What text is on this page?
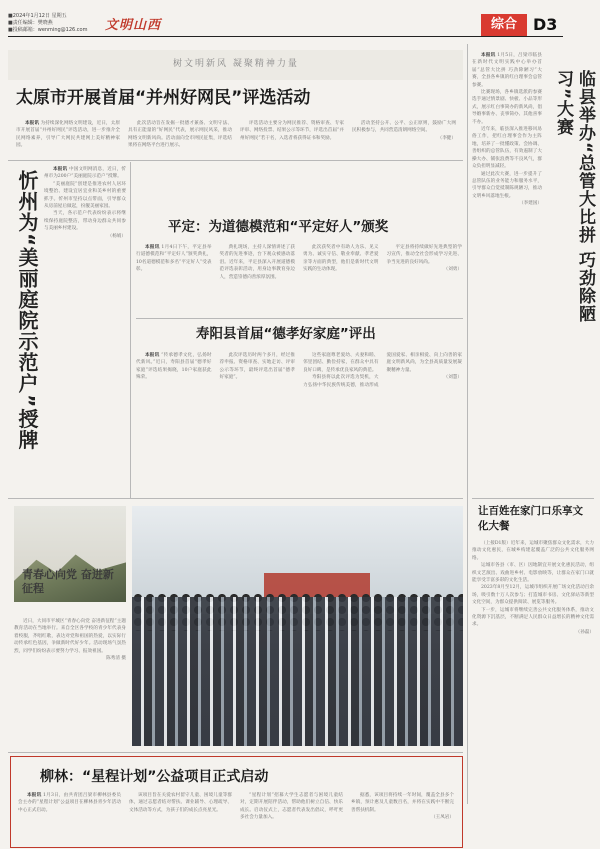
■2024年1月12日 星期五
■责任编辑：樊晓燕
■投稿邮箱：wenming@126.com 文明山西	综合	D3
树文明新风 凝聚精神力量
太原市开展首届“并州好网民”评选活动

本报讯 为持续深化网络文明建设，近日，太原市开展首届“并州好网民”评选活动，进一步推介全民网络素养，引导广大网民共建网上美好精神家园。

此次活动旨在发掘一批德才兼备、文明守法、具有正能量的“好网民”代表，展示网民风采，推动网络文明新风尚。活动面向全市网民征集，评选结果将在网络平台进行展示。

评选活动主要分为网民推荐、资格审查、专家评审、网络投票、结果公示等环节，评选出首届“并州好网民”若干名，入选者将获得证书和奖励。

活动坚持公开、公平、公正原则，鼓励广大网民积极参与，共同营造清朗网络空间。

（李健）

忻州为“美丽庭院示范户”授牌

本报讯 中国文明网消息，近日，忻州市为200户“美丽庭院示范户”授牌。

“美丽庭院”创建是推进农村人居环境整治、建设宜居宜业和美乡村的重要抓手。忻州市坚持以点带面，引导群众从房前屋后做起，扮靓美丽家园。

当天，各示范户代表纷纷表示将继续保持庭院整洁，带动身边群众共同参与美丽乡村建设。

（杨娟）

平定：为道德模范和“平定好人”颁奖

本报讯 1月4日下午，平定县举行道德模范和“平定好人”颁奖典礼，10名道德模范和多名“平定好人”受表彰。

典礼现场，主持人深情讲述了获奖者的先进事迹，台下观众被感动落泪。近年来，平定县深入开展道德模范评选表彰活动，用身边事教育身边人，营造崇德向善浓厚氛围。

此次获奖者中有助人为乐、见义勇为、诚实守信、敬业奉献、孝老爱亲等方面的典型，他们是新时代文明实践的生动体现。

平定县将持续做好先进典型的学习宣传，推动全社会形成学习先进、争当先进的良好风尚。

（刘勇）

寿阳县首届“德孝好家庭”评出

本报讯 “传承德孝文化，弘扬时代新风。”近日，寿阳县首届“德孝好家庭”评选结果揭晓，10户家庭获此殊荣。

此次评选历时两个多月，经过推荐申报、资格审查、实地走访、评审公示等环节，最终评选出首届“德孝好家庭”。

这些家庭尊老爱幼、夫妻和睦、邻里团结、勤俭持家，在群众中具有良好口碑，是传承优良家风的典范。

寿阳县将以此次评选为契机，大力弘扬中华民族传统美德，推动形成爱国爱家、相亲相爱、向上向善的家庭文明新风尚，为全县高质量发展凝聚精神力量。

（刘慧）

本报讯 1月5日，吕梁市临县在新时代文明实践中心举办首届“总管大比拼 巧劲除陋习”大赛，全县各乡镇的红白理事会总管参赛。

比赛现场，各乡镇选派的参赛选手通过情景剧、快板、小品等形式，展示红白事简办的新风尚，倡导婚事新办、丧事简办、其他喜事不办。

近年来，临县深入推进移风易俗工作，把红白理事会作为主阵地，培养了一批懂政策、会协调、善组织的总管队伍，有效遏制了大操大办、铺张浪费等不良风气，群众负担明显减轻。

通过此次大赛，进一步提升了总管队伍的业务能力和服务水平，引导群众自觉抵制陈规陋习，推动文明乡风落地生根。

（李建国）	临县举办“总管大比拼 巧劲除陋习”大赛
让百姓在家门口乐享文化大餐

（上接D1版）近年来，运城市聚焦群众文化需求，大力推动文化惠民，在城乡构建起覆盖广泛的公共文化服务网络。

运城市各县（市、区）因地制宜开展文化惠民活动，组织文艺演出、戏曲进乡村、电影放映等，让群众在家门口就能享受丰富多彩的文化生活。

2023年8月至12月，运城市组织开展广场文化活动百余场，吸引数十万人次参与；打造城市书房、文化驿站等新型文化空间，为群众提供阅读、展览等服务。

下一步，运城市将继续完善公共文化服务体系，推动文化资源下沉基层，不断满足人民群众日益增长的精神文化需求。

（孙磊）

青春心向党 奋进新征程

近日，大同市平城区“青春心向党 奋进新征程”主题教育活动在当地举行。来自全区各学校的青少年代表身着校服，齐唱红歌，表达对党和祖国的热爱，以实际行动传承红色基因，争做新时代好少年。活动现场气氛热烈，同学们纷纷表示要努力学习、报效祖国。

陈秀清 摄

柳林：“星程计划”公益项目正式启动

本报讯 1月3日，由共青团吕梁市柳林县委员会主办的“星程计划”公益项目在柳林县青少年活动中心正式启动。

该项目旨在关爱农村留守儿童、困境儿童等群体，通过志愿者结对帮扶、课业辅导、心理疏导、文体活动等方式，为孩子们的成长点亮星光。

“星程计划”招募大学生志愿者与困境儿童结对，定期开展陪伴活动，帮助他们树立自信、快乐成长。启动仪式上，志愿者代表发出倡议，呼吁更多社会力量加入。

据悉，该项目将持续一年时间，覆盖全县多个乡镇，预计惠及儿童数百名，并将在实践中不断完善帮扶机制。

（王凤岩）
